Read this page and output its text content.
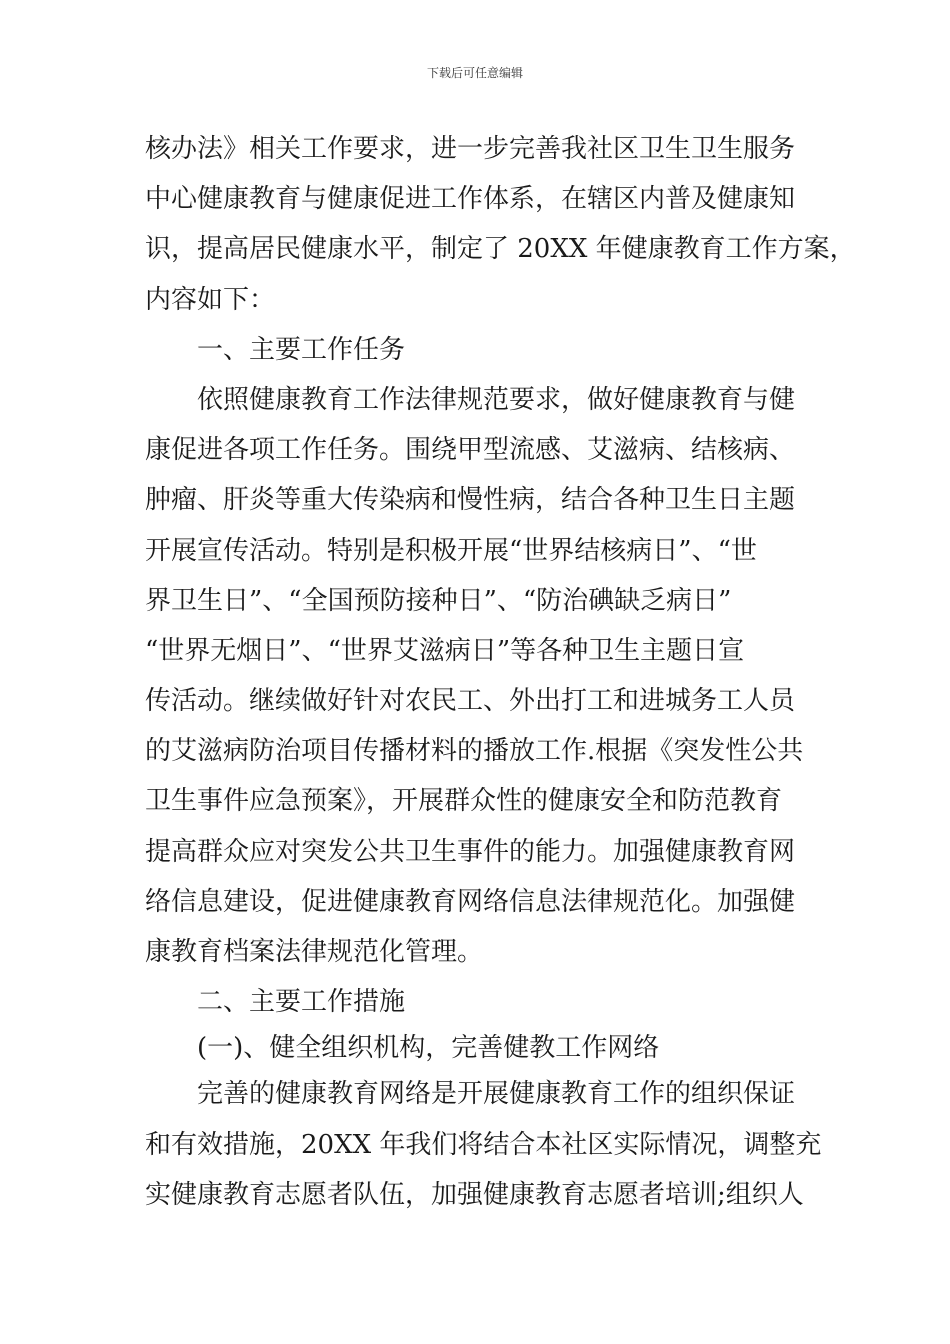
下载后可任意编辑
核办法》相关工作要求，进一步完善我社区卫生卫生服务
中心健康教育与健康促进工作体系，在辖区内普及健康知
识，提高居民健康水平，制定了 20XX 年健康教育工作方案，
内容如下：
一、主要工作任务
依照健康教育工作法律规范要求，做好健康教育与健
康促进各项工作任务。围绕甲型流感、艾滋病、结核病、
肿瘤、肝炎等重大传染病和慢性病，结合各种卫生日主题
开展宣传活动。特别是积极开展“世界结核病日”、“世
界卫生日”、“全国预防接种日”、“防治碘缺乏病日”
“世界无烟日”、“世界艾滋病日”等各种卫生主题日宣
传活动。继续做好针对农民工、外出打工和进城务工人员
的艾滋病防治项目传播材料的播放工作.根据《突发性公共
卫生事件应急预案》，开展群众性的健康安全和防范教育
提高群众应对突发公共卫生事件的能力。加强健康教育网
络信息建设，促进健康教育网络信息法律规范化。加强健
康教育档案法律规范化管理。
二、主要工作措施
(一)、健全组织机构，完善健教工作网络
完善的健康教育网络是开展健康教育工作的组织保证
和有效措施，20XX 年我们将结合本社区实际情况，调整充
实健康教育志愿者队伍，加强健康教育志愿者培训;组织人
